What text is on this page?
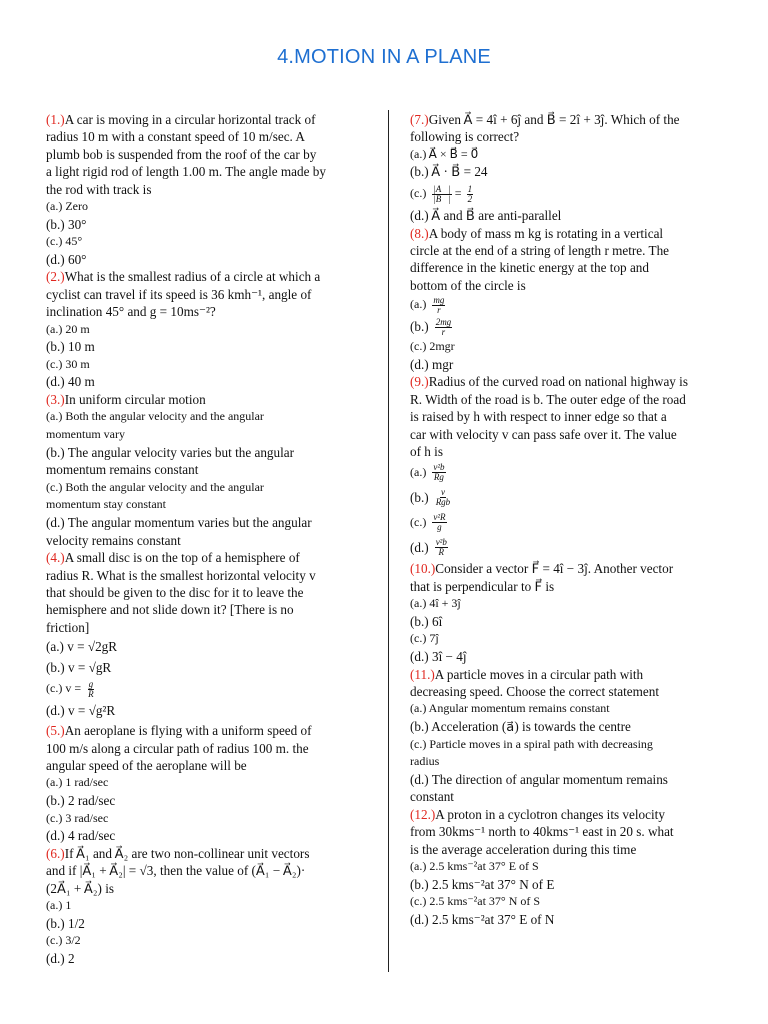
4.MOTION IN A PLANE
(1.)A car is moving in a circular horizontal track of
radius 10 m with a constant speed of 10 m/sec. A
plumb bob is suspended from the roof of the car by
a light rigid rod of length 1.00 m. The angle made by
the rod with track is
(a.) Zero
(b.) 30°
(c.) 45°
(d.) 60°
(2.)What is the smallest radius of a circle at which a
cyclist can travel if its speed is 36 kmh⁻¹, angle of
inclination 45° and g = 10ms⁻²?
(a.) 20 m
(b.) 10 m
(c.) 30 m
(d.) 40 m
(3.)In uniform circular motion
(a.) Both the angular velocity and the angular
momentum vary
(b.) The angular velocity varies but the angular
momentum remains constant
(c.) Both the angular velocity and the angular
momentum stay constant
(d.) The angular momentum varies but the angular
velocity remains constant
(4.)A small disc is on the top of a hemisphere of
radius R. What is the smallest horizontal velocity v
that should be given to the disc for it to leave the
hemisphere and not slide down it? [There is no
friction]
(a.) v = √2gR
(b.) v = √gR
(c.) $v = \frac{g}{R}$
(d.) v = √g²R
(5.)An aeroplane is flying with a uniform speed of
100 m/s along a circular path of radius 100 m. the
angular speed of the aeroplane will be
(a.) 1 rad/sec
(b.) 2 rad/sec
(c.) 3 rad/sec
(d.) 4 rad/sec
(6.)If A⃗₁ and A⃗₂ are two non-collinear unit vectors
and if |A⃗₁ + A⃗₂| = √3, then the value of (A⃗₁ − A⃗₂)·
(2A⃗₁ + A⃗₂) is
(a.) 1
(b.) 1/2
(c.) 3/2
(d.) 2
(7.)Given A⃗ = 4î + 6ĵ and B⃗ = 2î + 3ĵ. Which of the
following is correct?
(a.) A⃗ × B⃗ = 0⃗
(b.) A⃗ · B⃗ = 24
$(c.) \frac{|A⃗|}{|B⃗|} = \frac{1}{2}$
(d.) A⃗ and B⃗ are anti-parallel
(8.)A body of mass m kg is rotating in a vertical
circle at the end of a string of length r metre. The
difference in the kinetic energy at the top and
bottom of the circle is
$(a.) \frac{mg}{r}$
$(b.) \frac{2mg}{r}$
(c.) 2mgr
(d.) mgr
(9.)Radius of the curved road on national highway is
R. Width of the road is b. The outer edge of the road
is raised by h with respect to inner edge so that a
car with velocity v can pass safe over it. The value
of h is
$(a.) \frac{\text{v²b}}{Rg}$
$(b.) \frac{v}{\text{Rgb}}$
$(c.) \frac{\text{v²R}}{g}$
$(d.) \frac{\text{v²b}}{R}$
(10.)Consider a vector F⃗ = 4î − 3ĵ. Another vector
that is perpendicular to F⃗ is
(a.) 4î + 3ĵ
(b.) 6î
(c.) 7ĵ
(d.) 3î − 4ĵ
(11.)A particle moves in a circular path with
decreasing speed. Choose the correct statement
(a.) Angular momentum remains constant
(b.) Acceleration (a⃗) is towards the centre
(c.) Particle moves in a spiral path with decreasing
radius
(d.) The direction of angular momentum remains
constant
(12.)A proton in a cyclotron changes its velocity
from 30kms⁻¹ north to 40kms⁻¹ east in 20 s. what
is the average acceleration during this time
(a.) 2.5 kms⁻²at 37° E of S
(b.) 2.5 kms⁻²at 37° N of E
(c.) 2.5 kms⁻²at 37° N of S
(d.) 2.5 kms⁻²at 37° E of N
